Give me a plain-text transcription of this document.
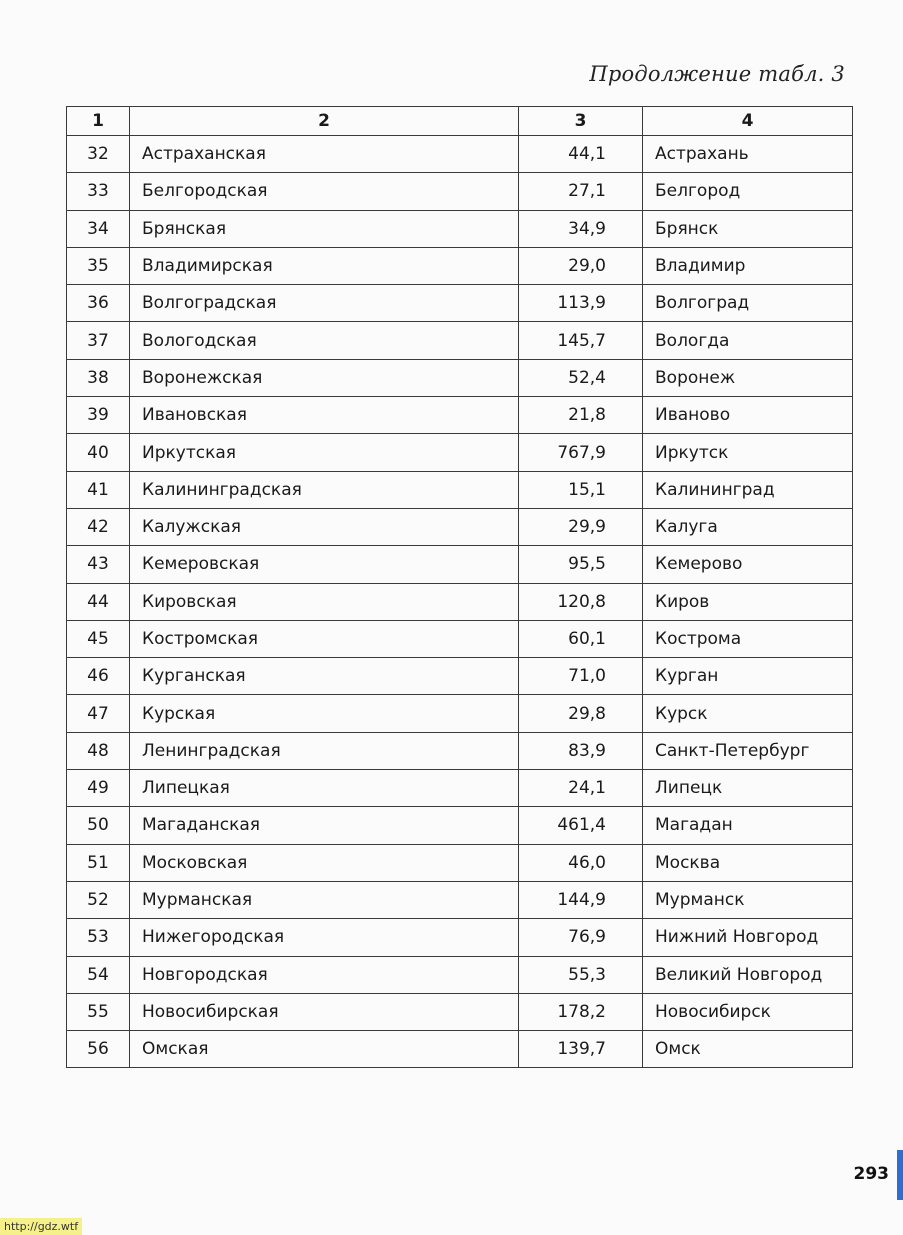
Продолжение табл. 3
1	2	3	4
32	Астраханская	44,1	Астрахань
33	Белгородская	27,1	Белгород
34	Брянская	34,9	Брянск
35	Владимирская	29,0	Владимир
36	Волгоградская	113,9	Волгоград
37	Вологодская	145,7	Вологда
38	Воронежская	52,4	Воронеж
39	Ивановская	21,8	Иваново
40	Иркутская	767,9	Иркутск
41	Калининградская	15,1	Калининград
42	Калужская	29,9	Калуга
43	Кемеровская	95,5	Кемерово
44	Кировская	120,8	Киров
45	Костромская	60,1	Кострома
46	Курганская	71,0	Курган
47	Курская	29,8	Курск
48	Ленинградская	83,9	Санкт-Петербург
49	Липецкая	24,1	Липецк
50	Магаданская	461,4	Магадан
51	Московская	46,0	Москва
52	Мурманская	144,9	Мурманск
53	Нижегородская	76,9	Нижний Новгород
54	Новгородская	55,3	Великий Новгород
55	Новосибирская	178,2	Новосибирск
56	Омская	139,7	Омск
293
http://gdz.wtf
